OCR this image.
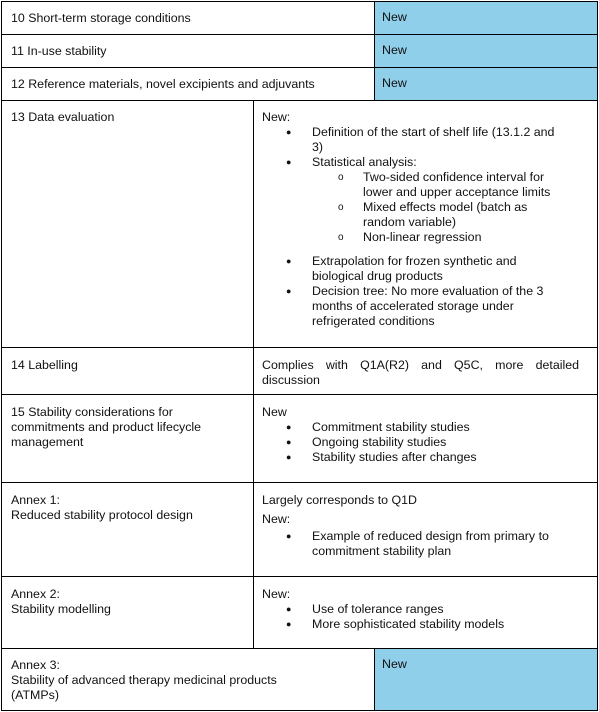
New
New
New
New
10 Short-term storage conditions
11 In-use stability
12 Reference materials, novel excipients and adjuvants
13 Data evaluation	New:
● Definition of the start of shelf life (13.1.2 and
3)
● Statistical analysis:
o Two-sided confidence interval for
lower and upper acceptance limits
o Mixed effects model (batch as
random variable)
o Non-linear regression
● Extrapolation for frozen synthetic and
biological drug products
● Decision tree: No more evaluation of the 3
months of accelerated storage under
refrigerated conditions
14 Labelling	Complies with Q1A(R2) and Q5C, more detailed
discussion
15 Stability considerations for
commitments and product lifecycle
management
New
● Commitment stability studies
● Ongoing stability studies
● Stability studies after changes
Annex 1:
Reduced stability protocol design
Largely corresponds to Q1D
New:
● Example of reduced design from primary to
commitment stability plan
Annex 2:
Stability modelling
New:
● Use of tolerance ranges
● More sophisticated stability models
Annex 3:
Stability of advanced therapy medicinal products
(ATMPs)
